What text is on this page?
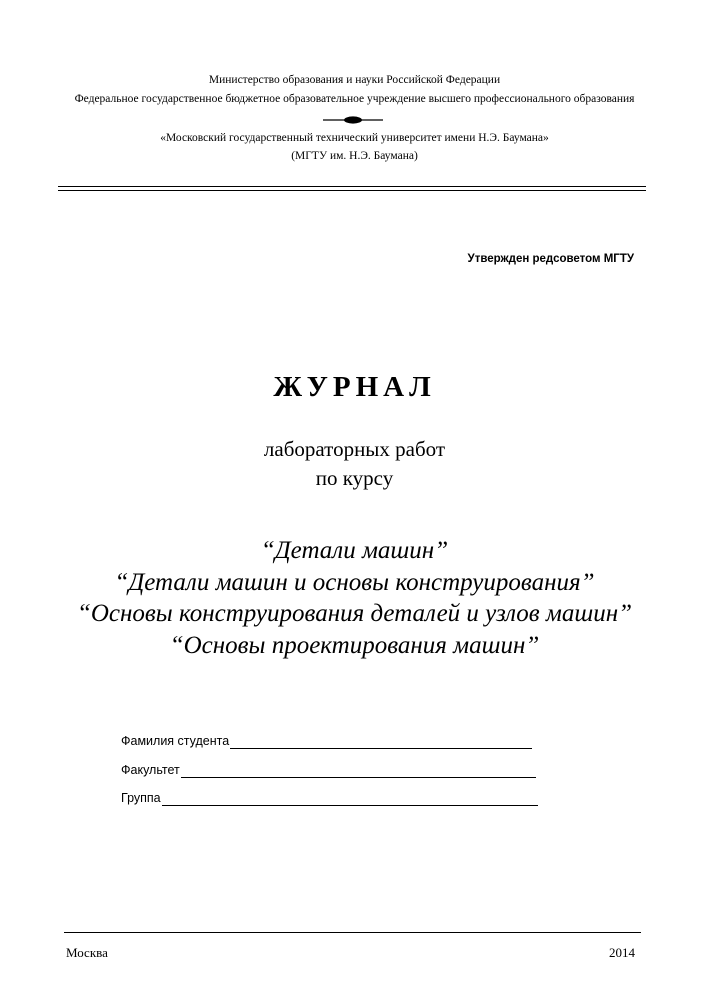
Министерство образования и науки Российской Федерации
Федеральное государственное бюджетное образовательное учреждение высшего профессионального образования
«Московский государственный технический университет имени Н.Э. Баумана»
(МГТУ им. Н.Э. Баумана)
Утвержден редсоветом МГТУ
ЖУРНАЛ
лабораторных работ
по курсу
“Детали машин”
“Детали машин и основы конструирования”
“Основы конструирования деталей и узлов машин”
“Основы проектирования машин”
Фамилия студента
Факультет
Группа
Москва	2014
